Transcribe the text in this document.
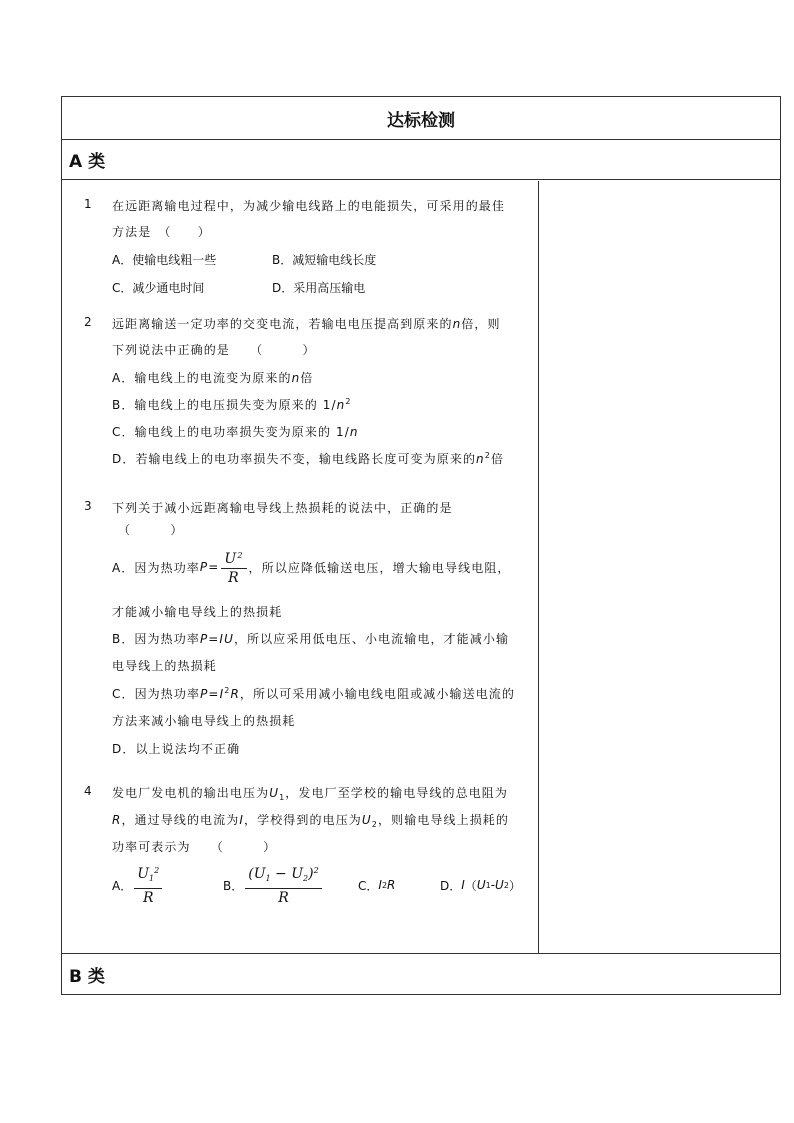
达标检测
A 类
1 在远距离输电过程中，为减少输电线路上的电能损失，可采用的最佳
方法是　（　　）
A．使输电线粗一些	B．减短输电线长度
C．减少通电时间	D．采用高压输电
2 远距离输送一定功率的交变电流，若输电电压提高到原来的n倍，则
下列说法中正确的是　　（　　　）
A．输电线上的电流变为原来的n倍
B．输电线上的电压损失变为原来的 $1/n^2$
C．输电线上的电功率损失变为原来的 1/n
D．若输电线上的电功率损失不变，输电线路长度可变为原来的$n^2$倍
3 下列关于减小远距离输电导线上热损耗的说法中，正确的是
（　　　）
A．因为热功率 $P= \frac{U^2}{R}$ ，所以应降低输送电压，增大输电导线电阻，
才能减小输电导线上的热损耗
B．因为热功率P=IU，所以应采用低电压、小电流输电，才能减小输
电导线上的热损耗
C．因为热功率$P=I^2R$，所以可采用减小输电线电阻或减小输送电流的
方法来减小输电导线上的热损耗
D．以上说法均不正确
4 发电厂发电机的输出电压为$U_1$，发电厂至学校的输电导线的总电阻为
R，通过导线的电流为I，学校得到的电压为$U_2$，则输电导线上损耗的
功率可表示为　　（　　　）
A． $\frac{U_1^2}{R}$	B． $\frac{(U_1 - U_2)^2}{R}$	C． I 2 R	D． I （ U 1 - U 2 ）
B 类
